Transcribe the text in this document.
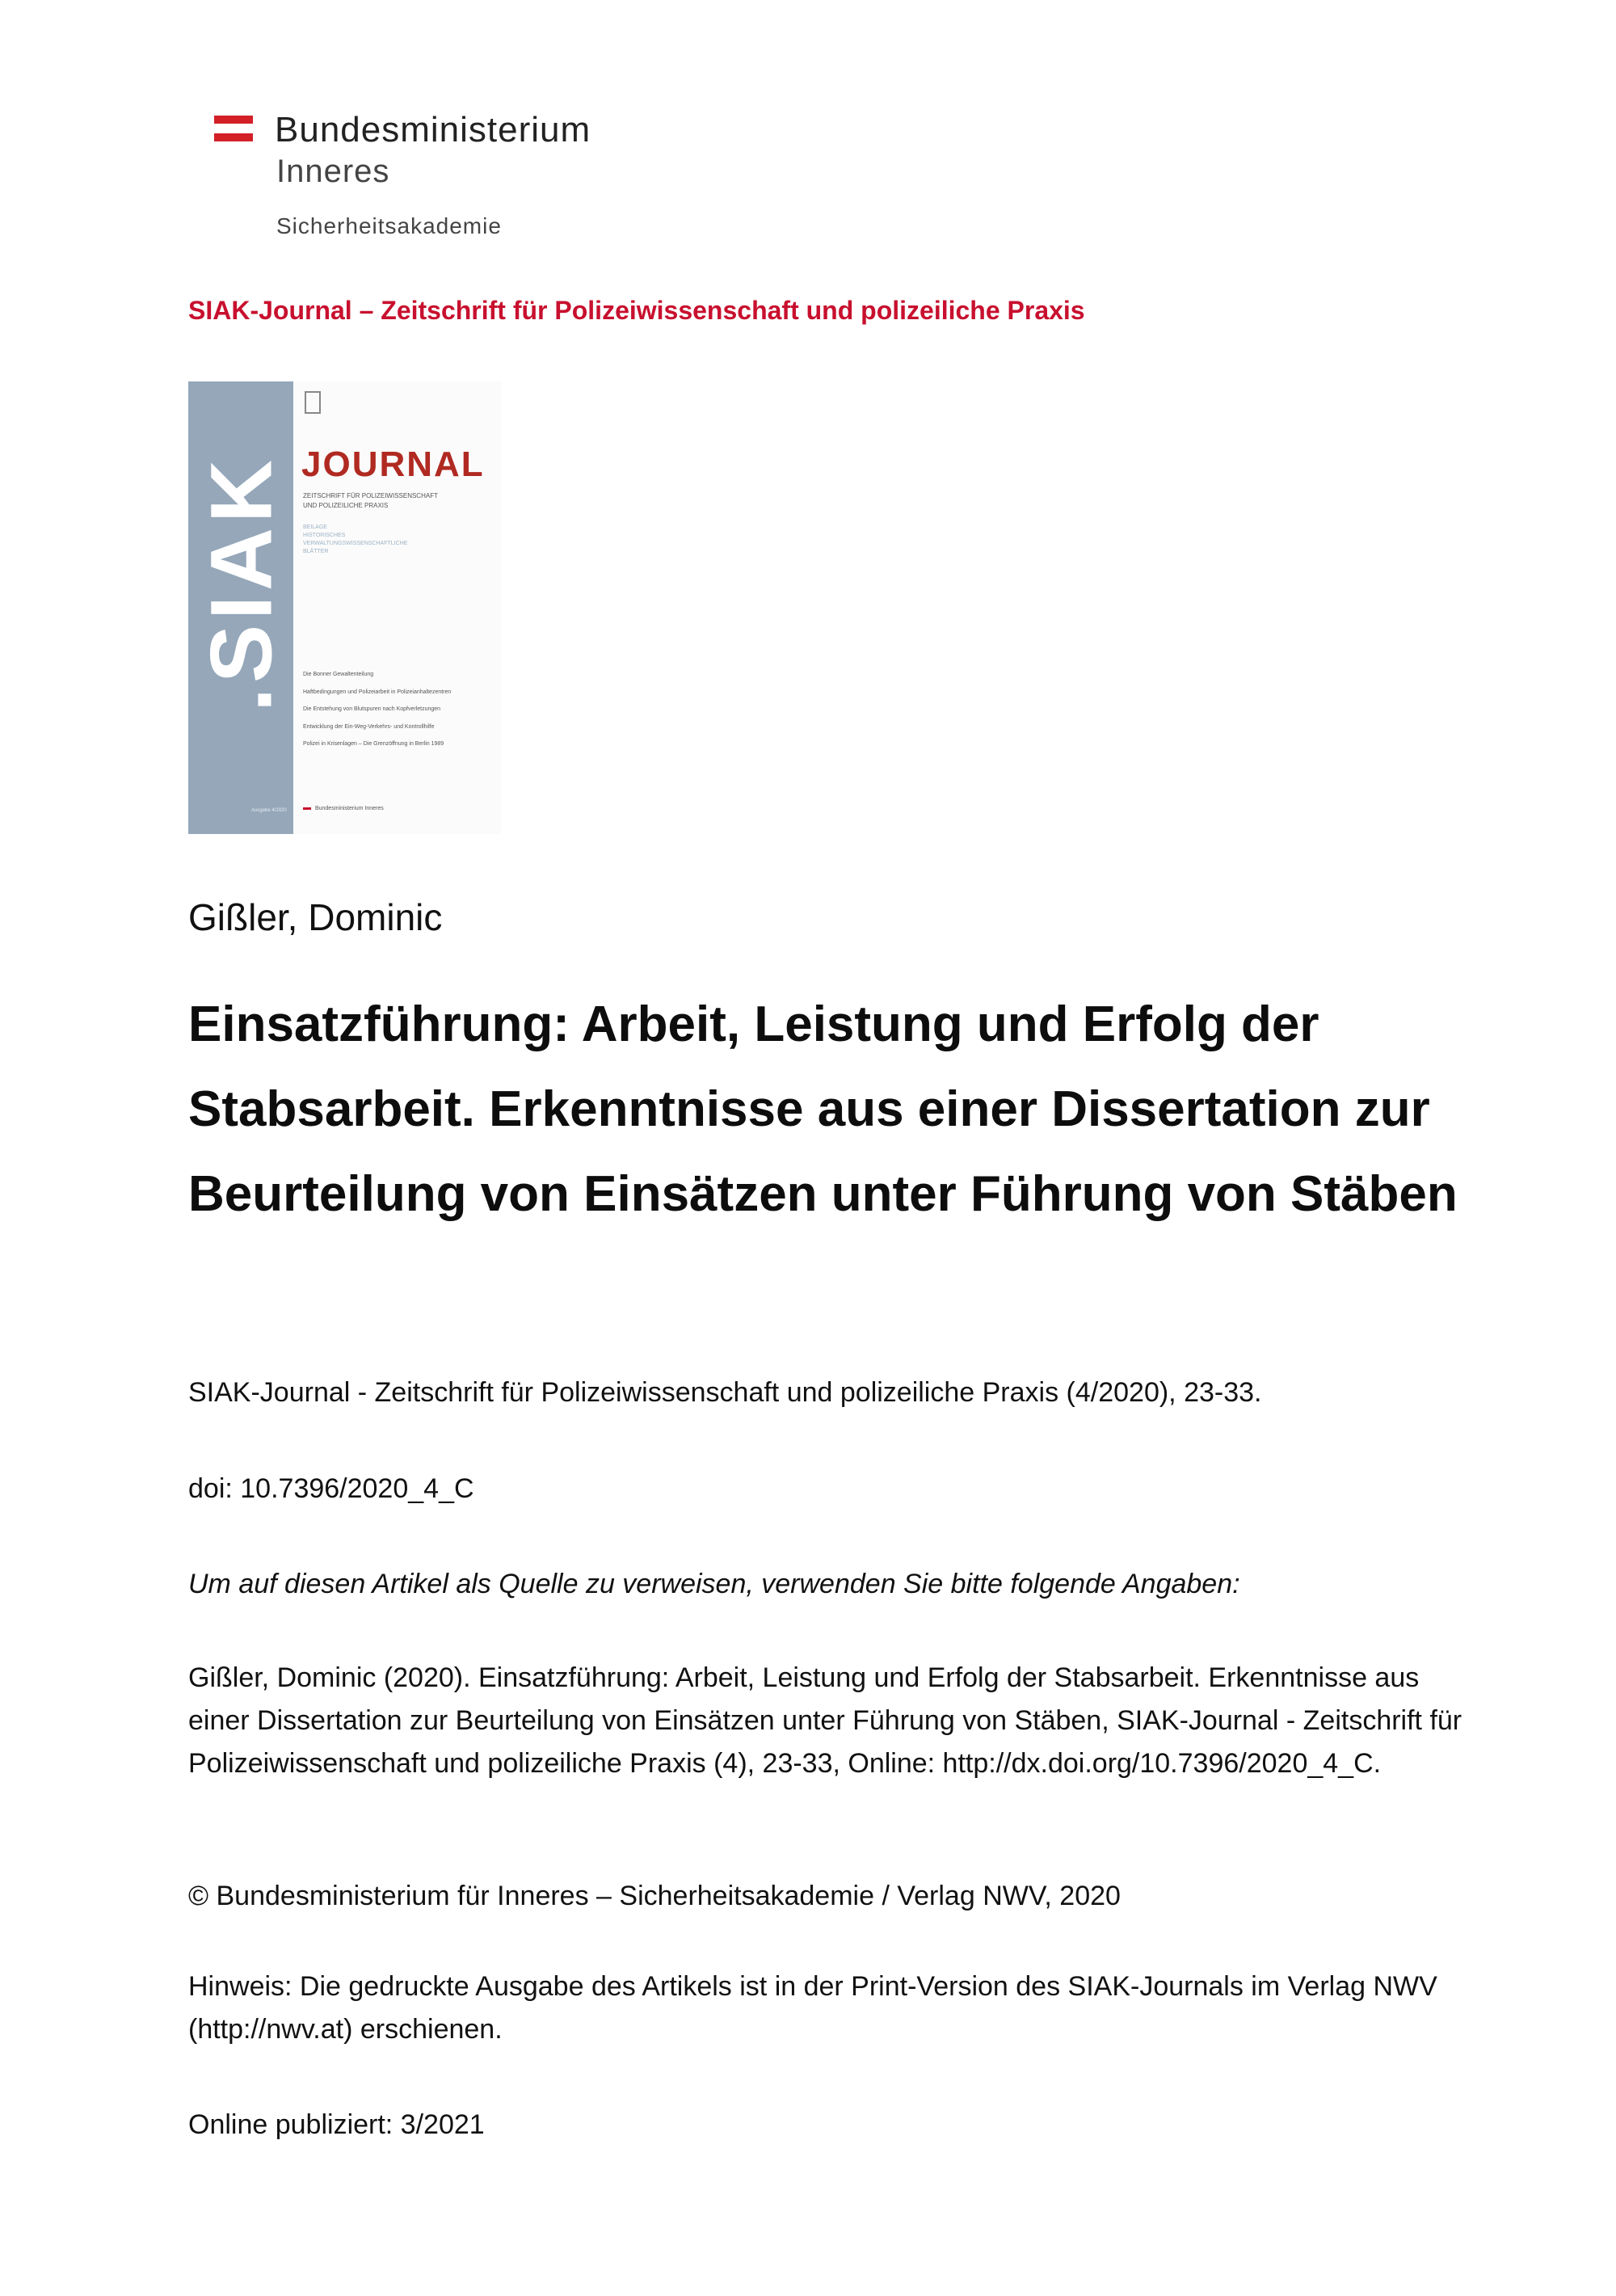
Bundesministerium
Inneres
Sicherheitsakademie
SIAK-Journal – Zeitschrift für Polizeiwissenschaft und polizeiliche Praxis
.SIAK
Ausgabe 4/2020
JOURNAL
ZEITSCHRIFT FÜR POLIZEIWISSENSCHAFT
UND POLIZEILICHE PRAXIS
BEILAGE
HISTORISCHES
VERWALTUNGSWISSENSCHAFTLICHE
BLÄTTER
Die Bonner Gewaltenteilung
Haftbedingungen und Polizeiarbeit in Polizeianhaltezentren
Die Entstehung von Blutspuren nach Kopfverletzungen
Entwicklung der Ein-Weg-Verkehrs- und Kontrollhilfe
Polizei in Krisenlagen – Die Grenzöffnung in Berlin 1989
Bundesministerium Inneres
Gißler, Dominic
Einsatzführung: Arbeit, Leistung und Erfolg der Stabsarbeit. Erkenntnisse aus einer Dissertation zur Beurteilung von Einsätzen unter Führung von Stäben

SIAK-Journal - Zeitschrift für Polizeiwissenschaft und polizeiliche Praxis (4/2020), 23-33.

doi: 10.7396/2020_4_C

Um auf diesen Artikel als Quelle zu verweisen, verwenden Sie bitte folgende Angaben:

Gißler, Dominic (2020). Einsatzführung: Arbeit, Leistung und Erfolg der Stabsarbeit. Erkenntnisse aus einer Dissertation zur Beurteilung von Einsätzen unter Führung von Stäben, SIAK-Journal - Zeitschrift für Polizeiwissenschaft und polizeiliche Praxis (4), 23-33, Online: http://dx.doi.org/10.7396/2020_4_C.

© Bundesministerium für Inneres – Sicherheitsakademie / Verlag NWV, 2020

Hinweis: Die gedruckte Ausgabe des Artikels ist in der Print-Version des SIAK-Journals im Verlag NWV (http://nwv.at) erschienen.

Online publiziert: 3/2021
